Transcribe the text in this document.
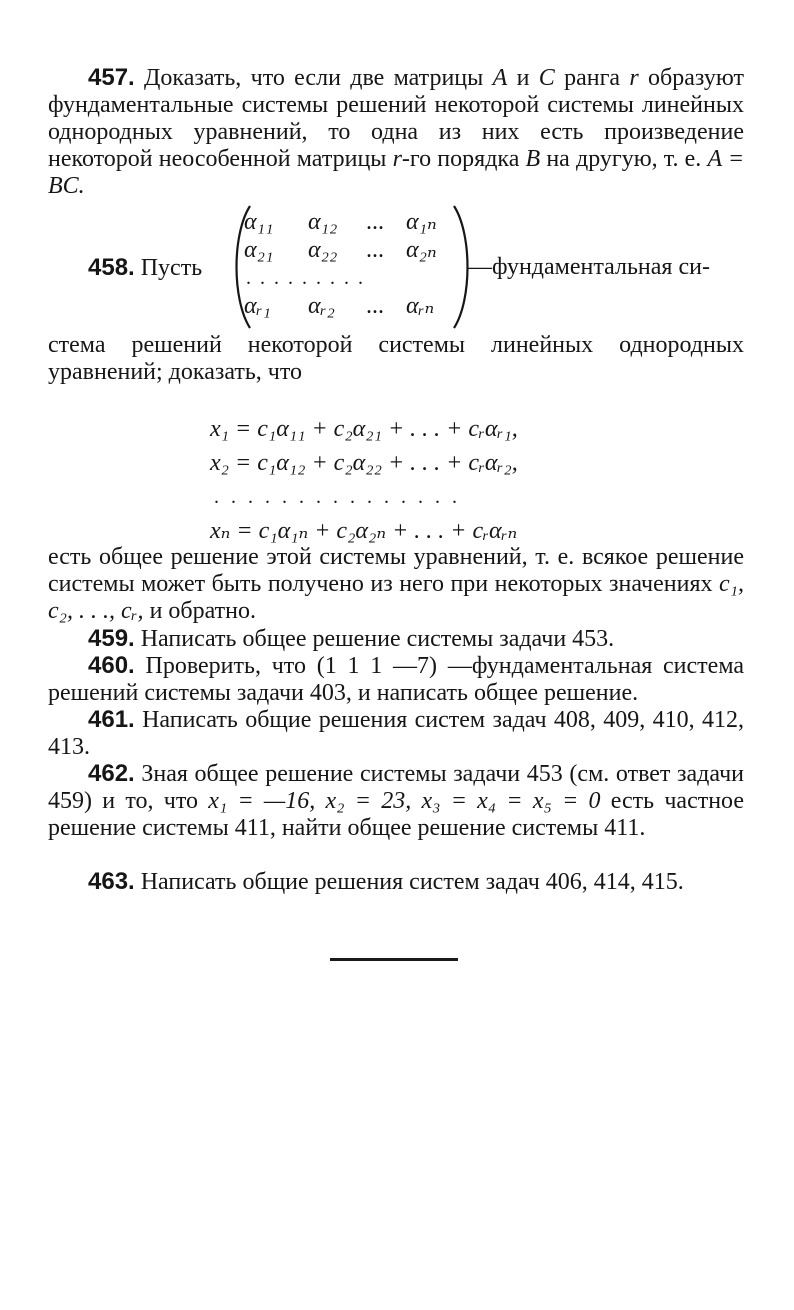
457. Доказать, что если две матрицы A и C ранга r образуют фундаментальные системы решений некоторой системы линейных однородных уравнений, то одна из них есть произведение некоторой неособенной матрицы r-го порядка B на другую, т. е. A = BC.

458. Пусть
α₁₁ α₁₂ ... α₁ₙ
α₂₁ α₂₂ ... α₂ₙ
.........
αᵣ₁ αᵣ₂ ... αᵣₙ
—фундаментальная си-

стема решений некоторой системы линейных однородных уравнений; доказать, что

x₁ = c₁α₁₁ + c₂α₂₁ + . . . + cᵣαᵣ₁,
x₂ = c₁α₁₂ + c₂α₂₂ + . . . + cᵣαᵣ₂,
...............
xₙ = c₁α₁ₙ + c₂α₂ₙ + . . . + cᵣαᵣₙ

есть общее решение этой системы уравнений, т. е. всякое решение системы может быть получено из него при некоторых значениях c₁, c₂, . . ., cᵣ, и обратно.

459. Написать общее решение системы задачи 453.

460. Проверить, что (1 1 1 —7) —фундаментальная система решений системы задачи 403, и написать общее решение.

461. Написать общие решения систем задач 408, 409, 410, 412, 413.

462. Зная общее решение системы задачи 453 (см. ответ задачи 459) и то, что x₁ = —16, x₂ = 23, x₃ = x₄ = x₅ = 0 есть частное решение системы 411, найти общее решение системы 411.

463. Написать общие решения систем задач 406, 414, 415.
